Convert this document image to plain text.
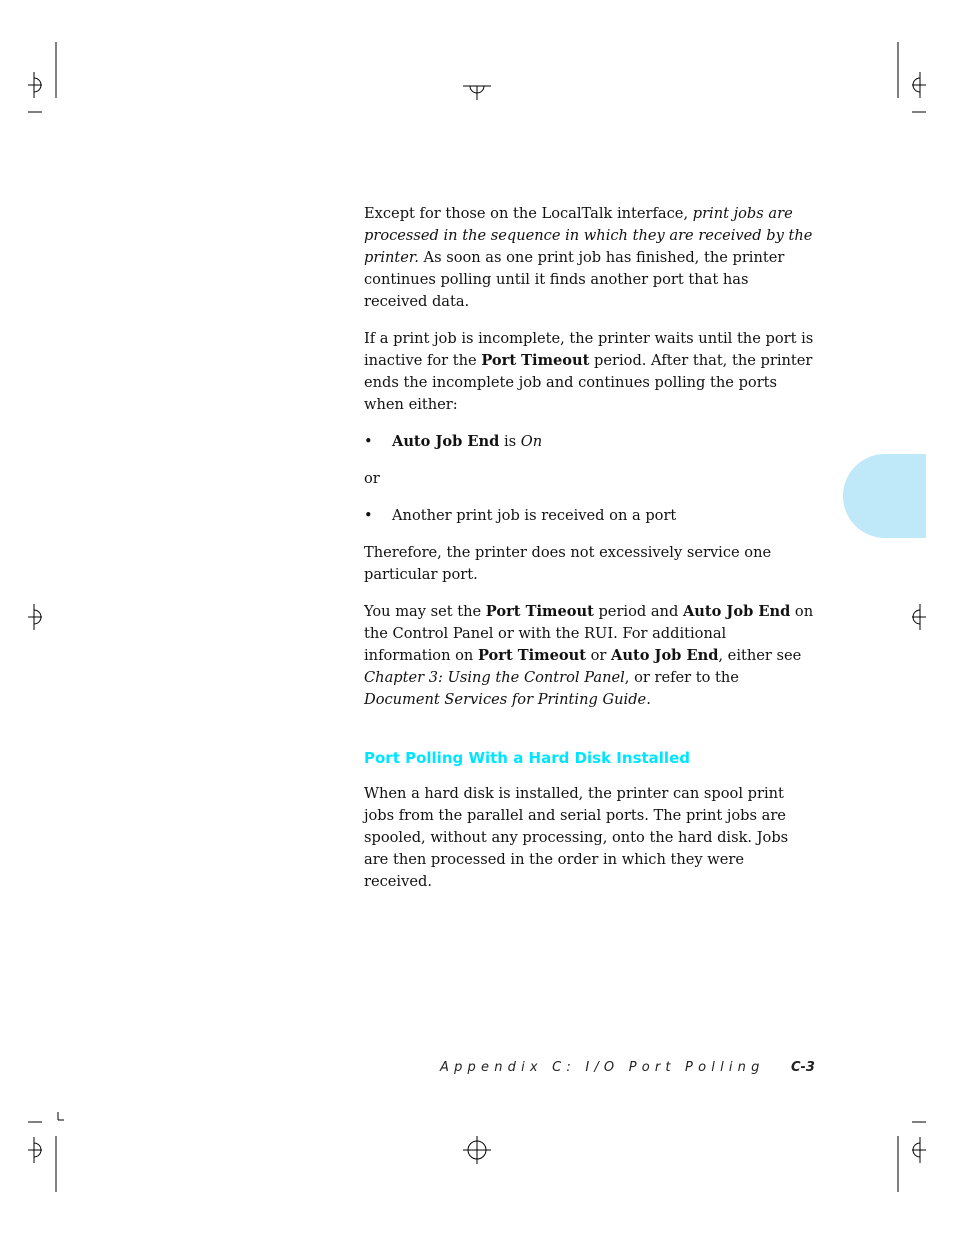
Except for those on the LocalTalk interface, print jobs are processed in the sequence in which they are received by the printer. As soon as one print job has finished, the printer continues polling until it finds another port that has received data.

If a print job is incomplete, the printer waits until the port is inactive for the Port Timeout period. After that, the printer ends the incomplete job and continues polling the ports when either:

• Auto Job End is On

or

• Another print job is received on a port

Therefore, the printer does not excessively service one particular port.

You may set the Port Timeout period and Auto Job End on the Control Panel or with the RUI. For additional information on Port Timeout or Auto Job End, either see Chapter 3: Using the Control Panel, or refer to the Document Services for Printing Guide.

Port Polling With a Hard Disk Installed

When a hard disk is installed, the printer can spool print jobs from the parallel and serial ports. The print jobs are spooled, without any processing, onto the hard disk. Jobs are then processed in the order in which they were received.

Appendix C: I/O Port Polling C-3
